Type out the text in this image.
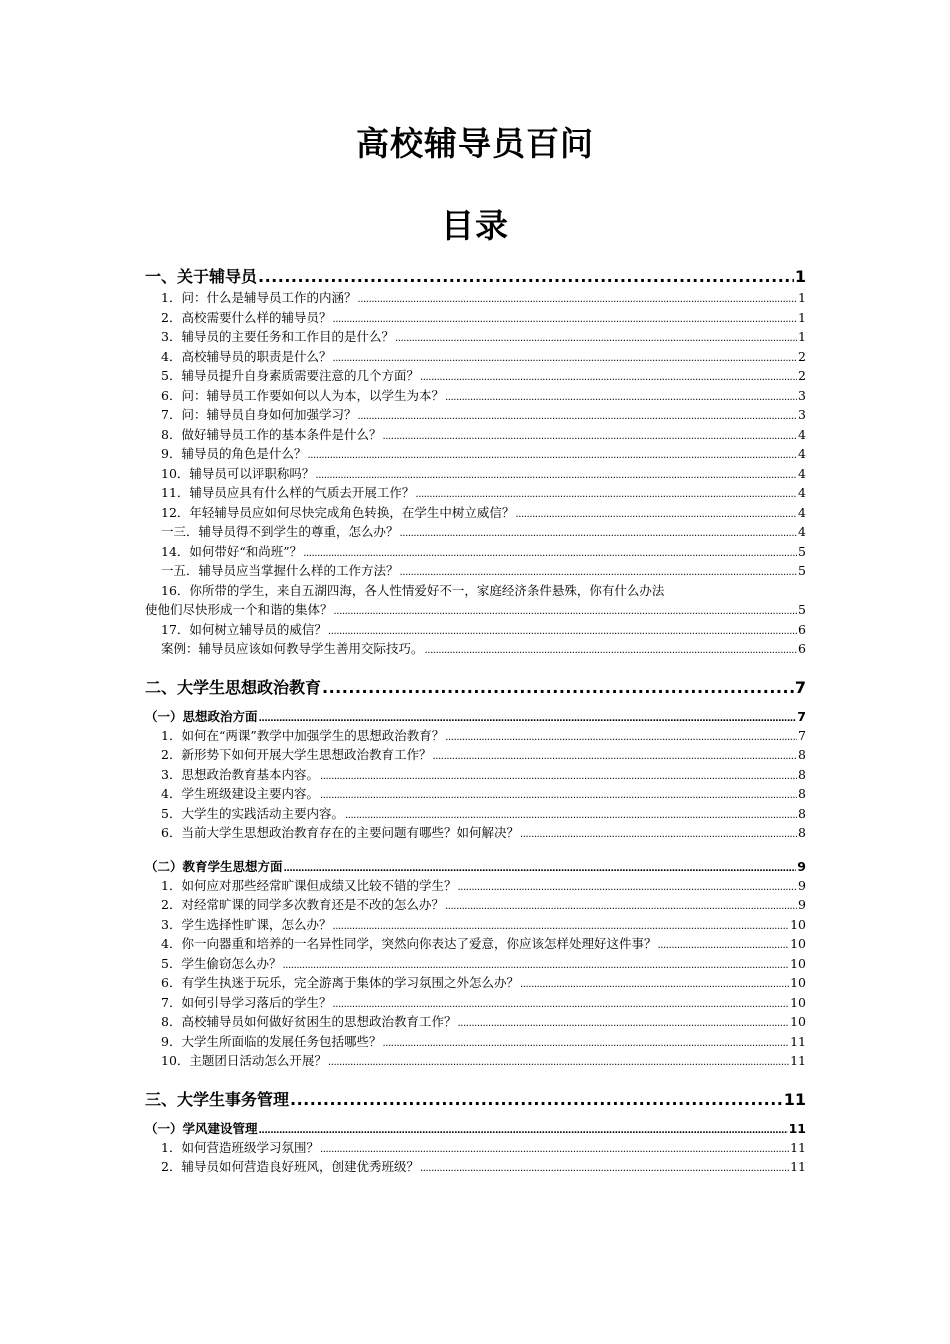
高校辅导员百问
目录
一、关于辅导员 .....	1
1．问：什么是辅导员工作的内涵？ .....	1
2．高校需要什么样的辅导员？ .....	1
3．辅导员的主要任务和工作目的是什么？ .....	1
4．高校辅导员的职责是什么？ .....	2
5．辅导员提升自身素质需要注意的几个方面？ .....	2
6．问：辅导员工作要如何以人为本，以学生为本？ .....	3
7．问：辅导员自身如何加强学习？ .....	3
8．做好辅导员工作的基本条件是什么？ .....	4
9．辅导员的角色是什么？ .....	4
10．辅导员可以评职称吗？ .....	4
11．辅导员应具有什么样的气质去开展工作？ .....	4
12．年轻辅导员应如何尽快完成角色转换，在学生中树立威信？ .....	4
一三．辅导员得不到学生的尊重，怎么办？ .....	4
14．如何带好“和尚班”？ .....	5
一五．辅导员应当掌握什么样的工作方法？ .....	5
16．你所带的学生，来自五湖四海，各人性情爱好不一，家庭经济条件悬殊，你有什么办法
使他们尽快形成一个和谐的集体？ .....	5
17．如何树立辅导员的威信？ .....	6
案例：辅导员应该如何教导学生善用交际技巧。 .....	6
二、大学生思想政治教育 .....	7
（一）思想政治方面 .....	7
1．如何在“两课”教学中加强学生的思想政治教育？ .....	7
2．新形势下如何开展大学生思想政治教育工作？ .....	8
3．思想政治教育基本内容。 .....	8
4．学生班级建设主要内容。 .....	8
5．大学生的实践活动主要内容。 .....	8
6．当前大学生思想政治教育存在的主要问题有哪些？如何解决？ .....	8
（二）教育学生思想方面 .....	9
1．如何应对那些经常旷课但成绩又比较不错的学生？ .....	9
2．对经常旷课的同学多次教育还是不改的怎么办？ .....	9
3．学生选择性旷课，怎么办？ .....	10
4．你一向器重和培养的一名异性同学，突然向你表达了爱意，你应该怎样处理好这件事？ .....	10
5．学生偷窃怎么办？ .....	10
6．有学生执迷于玩乐，完全游离于集体的学习氛围之外怎么办？ .....	10
7．如何引导学习落后的学生？ .....	10
8．高校辅导员如何做好贫困生的思想政治教育工作？ .....	10
9．大学生所面临的发展任务包括哪些？ .....	11
10．主题团日活动怎么开展？ .....	11
三、大学生事务管理 .....	11
（一）学风建设管理 .....	11
1．如何营造班级学习氛围？ .....	11
2．辅导员如何营造良好班风，创建优秀班级？ .....	11
